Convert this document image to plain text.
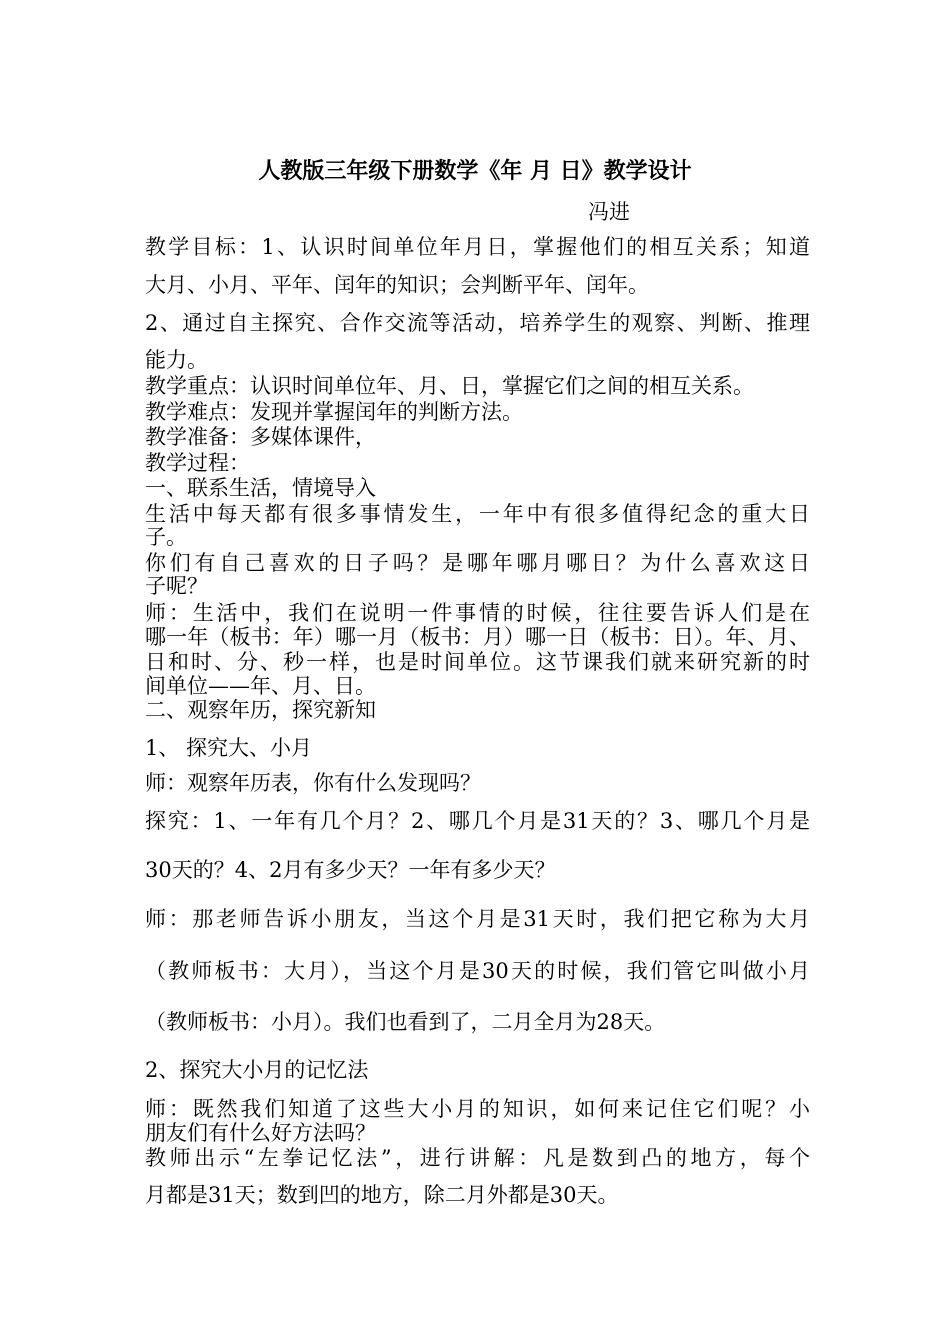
人教版三年级下册数学《年 月 日》教学设计
冯进
教学目标：1、认识时间单位年月日，掌握他们的相互关系；知道
大月、小月、平年、闰年的知识；会判断平年、闰年。
2、通过自主探究、合作交流等活动，培养学生的观察、判断、推理
能力。
教学重点：认识时间单位年、月、日，掌握它们之间的相互关系。
教学难点：发现并掌握闰年的判断方法。
教学准备：多媒体课件，
教学过程：
一、联系生活，情境导入
生活中每天都有很多事情发生，一年中有很多值得纪念的重大日
子。
你们有自己喜欢的日子吗？是哪年哪月哪日？为什么喜欢这日
子呢？
师：生活中，我们在说明一件事情的时候，往往要告诉人们是在
哪一年（板书：年）哪一月（板书：月）哪一日（板书：日）。年、月、
日和时、分、秒一样，也是时间单位。这节课我们就来研究新的时
间单位——年、月、日。
二、观察年历，探究新知
1、 探究大、小月
师：观察年历表，你有什么发现吗？
探究：1、一年有几个月？2、哪几个月是31天的？3、哪几个月是
30天的？4、2月有多少天？一年有多少天？
师：那老师告诉小朋友，当这个月是31天时，我们把它称为大月
（教师板书：大月），当这个月是30天的时候，我们管它叫做小月
（教师板书：小月）。我们也看到了，二月全月为28天。
2、探究大小月的记忆法
师：既然我们知道了这些大小月的知识，如何来记住它们呢？小
朋友们有什么好方法吗？
教师出示“左拳记忆法”，进行讲解：凡是数到凸的地方，每个
月都是31天；数到凹的地方，除二月外都是30天。
